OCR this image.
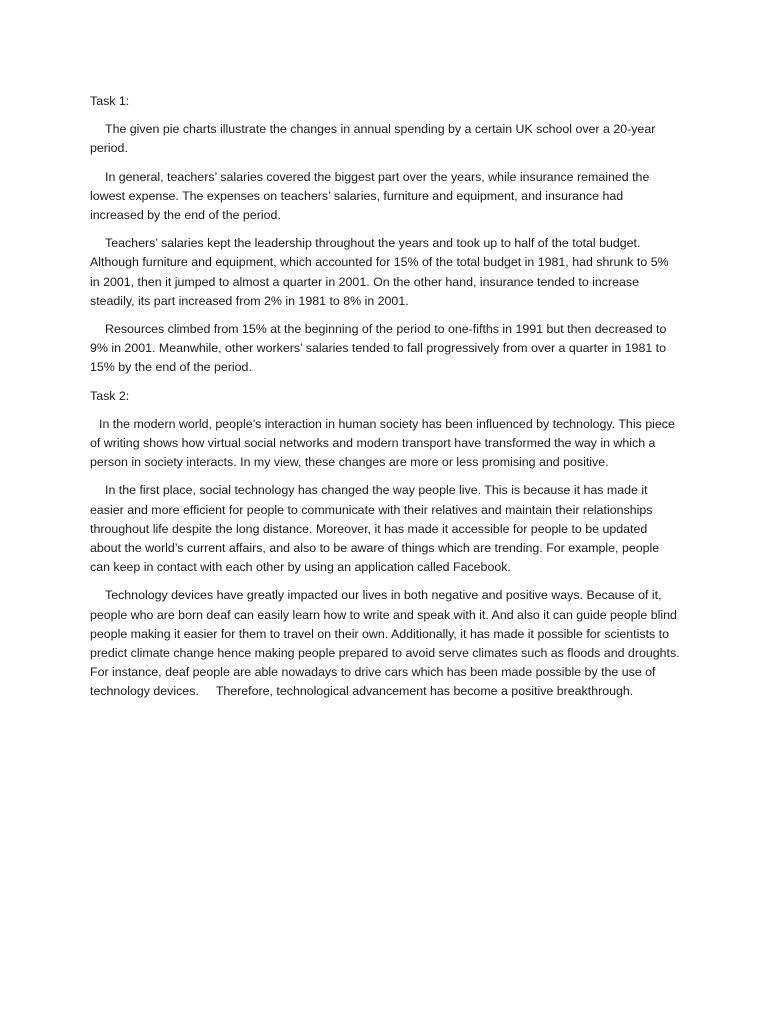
Task 1:

The given pie charts illustrate the changes in annual spending by a certain UK school over a 20-year period.

In general, teachers’ salaries covered the biggest part over the years, while insurance remained the lowest expense. The expenses on teachers’ salaries, furniture and equipment, and insurance had increased by the end of the period.

Teachers’ salaries kept the leadership throughout the years and took up to half of the total budget. Although furniture and equipment, which accounted for 15% of the total budget in 1981, had shrunk to 5% in 2001, then it jumped to almost a quarter in 2001. On the other hand, insurance tended to increase steadily, its part increased from 2% in 1981 to 8% in 2001.

Resources climbed from 15% at the beginning of the period to one-fifths in 1991 but then decreased to 9% in 2001. Meanwhile, other workers’ salaries tended to fall progressively from over a quarter in 1981 to 15% by the end of the period.

Task 2:

In the modern world, people’s interaction in human society has been influenced by technology. This piece of writing shows how virtual social networks and modern transport have transformed the way in which a person in society interacts. In my view, these changes are more or less promising and positive.

In the first place, social technology has changed the way people live. This is because it has made it easier and more efficient for people to communicate with their relatives and maintain their relationships throughout life despite the long distance. Moreover, it has made it accessible for people to be updated about the world’s current affairs, and also to be aware of things which are trending. For example, people can keep in contact with each other by using an application called Facebook.

Technology devices have greatly impacted our lives in both negative and positive ways. Because of it, people who are born deaf can easily learn how to write and speak with it. And also it can guide people blind people making it easier for them to travel on their own. Additionally, it has made it possible for scientists to predict climate change hence making people prepared to avoid serve climates such as floods and droughts. For instance, deaf people are able nowadays to drive cars which has been made possible by the use of technology devices.     Therefore, technological advancement has become a positive breakthrough.
